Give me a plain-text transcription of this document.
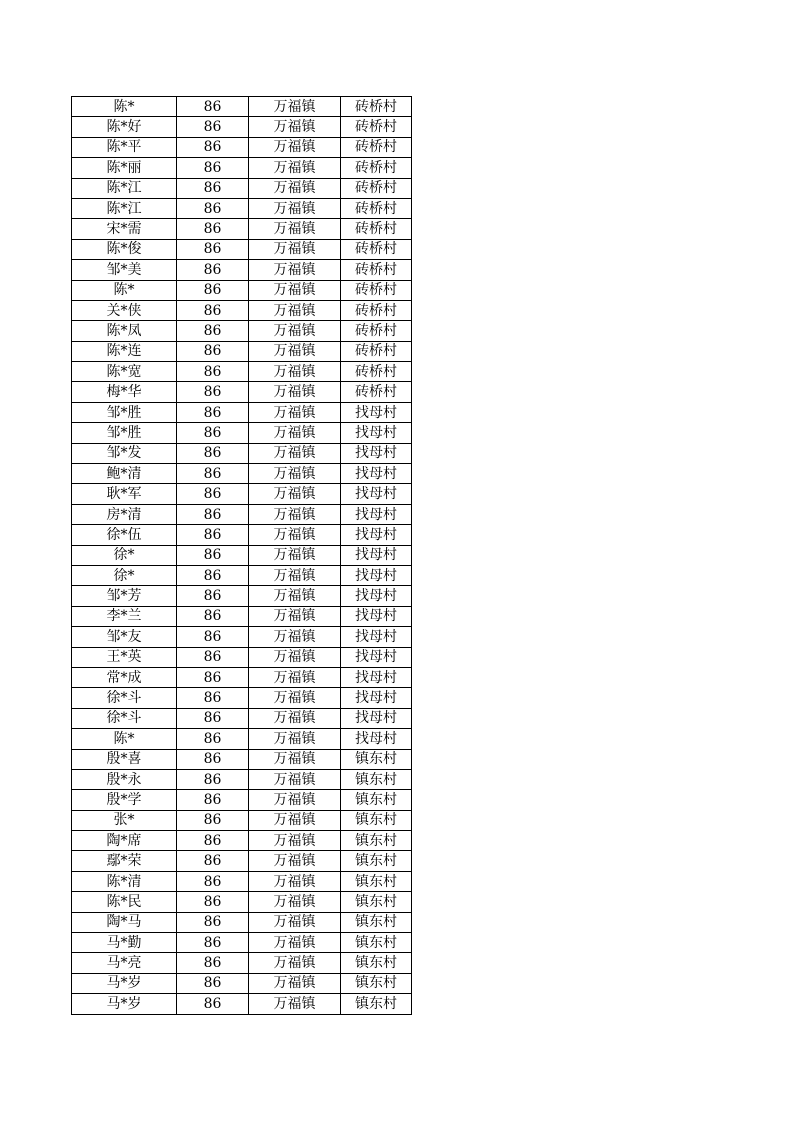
陈*	86	万福镇	砖桥村
陈*好	86	万福镇	砖桥村
陈*平	86	万福镇	砖桥村
陈*丽	86	万福镇	砖桥村
陈*江	86	万福镇	砖桥村
陈*江	86	万福镇	砖桥村
宋*需	86	万福镇	砖桥村
陈*俊	86	万福镇	砖桥村
邹*美	86	万福镇	砖桥村
陈*	86	万福镇	砖桥村
关*侠	86	万福镇	砖桥村
陈*凤	86	万福镇	砖桥村
陈*连	86	万福镇	砖桥村
陈*宽	86	万福镇	砖桥村
梅*华	86	万福镇	砖桥村
邹*胜	86	万福镇	找母村
邹*胜	86	万福镇	找母村
邹*发	86	万福镇	找母村
鲍*清	86	万福镇	找母村
耿*军	86	万福镇	找母村
房*清	86	万福镇	找母村
徐*伍	86	万福镇	找母村
徐*	86	万福镇	找母村
徐*	86	万福镇	找母村
邹*芳	86	万福镇	找母村
李*兰	86	万福镇	找母村
邹*友	86	万福镇	找母村
王*英	86	万福镇	找母村
常*成	86	万福镇	找母村
徐*斗	86	万福镇	找母村
徐*斗	86	万福镇	找母村
陈*	86	万福镇	找母村
殷*喜	86	万福镇	镇东村
殷*永	86	万福镇	镇东村
殷*学	86	万福镇	镇东村
张*	86	万福镇	镇东村
陶*席	86	万福镇	镇东村
鄢*荣	86	万福镇	镇东村
陈*清	86	万福镇	镇东村
陈*民	86	万福镇	镇东村
陶*马	86	万福镇	镇东村
马*勤	86	万福镇	镇东村
马*亮	86	万福镇	镇东村
马*岁	86	万福镇	镇东村
马*岁	86	万福镇	镇东村
